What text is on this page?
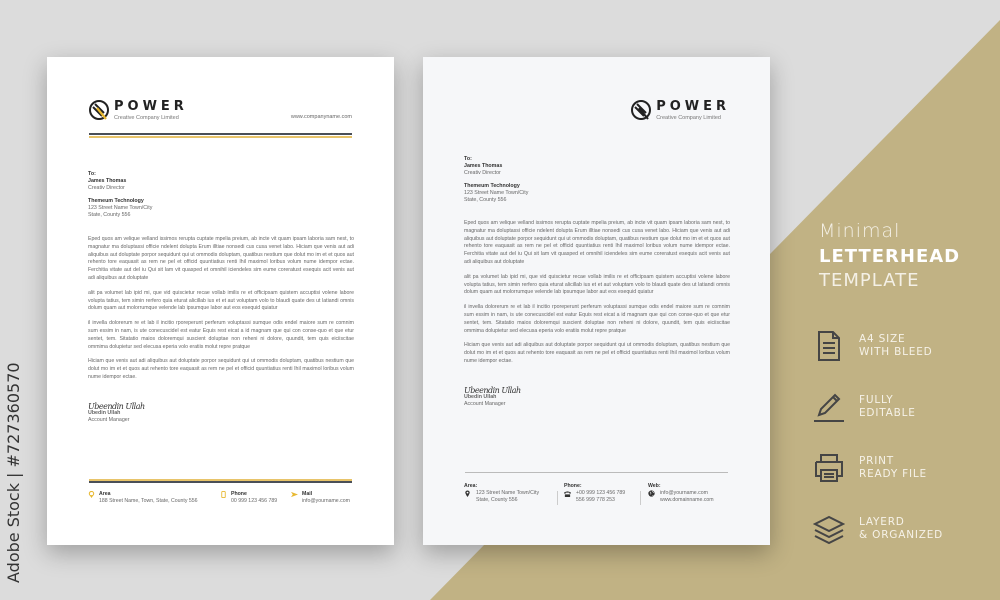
POWER
Creative Company Limited	www.companyname.com
To:
James Thomas
Creativ Director
Themeum Technology
123 Street Name Town/City
State, County 556

Eped quos am velique velland issimos rerupta cuptate mpelia preium, ab incte vit quam ipsam laboria sam nest, to magnatur ma doluptassi officie ndelent dolupta Erum illtiae nonsedi cus cusa venet labo. Hiciam que venis aut adi aliquibus aut doluptate porpor sequidunt qui ut ommodis doluptam, quatibus nestium que dolut mo im et et quos aut rehento tore eaquasit as rem ne pel et officid quuntiatius renti Ihil maximol loribus volum nume idempor ectae. Ferchitia vitate aut del iu Qui sit lam vit quasped et omnihil iciendeles sim eume coreratust esequis acit venis aut adi aliquibus aut doluptate

alit pa volumet lab ipid mi, que vid quiscietur recae vollab imilis re et officipsam quistem accuptisi volene labore volupta tatius, tem simin rerfero quia eturat alicillab ius et et aut voluptam volo to blaudi quate des ut latiandi omnis dolum quam aut molorrumque velende lab ipsumque labor aut eos esequid quiatur

il invella dolorerum re et lab il incitio rporeperunt perferum voluptassi sumque odis endel maiore sum re comnim sum essim in nam, is ute conecuscidel est eatur Equis rest eicat a id magnam que qui con conse-quo et que etur sentet, tem. Sitatatio maios doloremqui suscient doluptae non reheni ni dolore, quundit, tem quis eiciiscitae ommima dolupietur sed elecusa eperia volo eratiis molut repre pratque

Hiciam que venis aut adi aliquibus aut doluptate porpor sequidunt qui ut ommodis doluptam, quatibus nestium que dolut mo im et et quos aut rehento tore eaquasit as rem ne pel et officid quuntiatius renti Ihil maximol loribus volum nume idempor ectae.

Ubeendin Ullah
Ubedin Ullah
Account Manager
Area
188 Street Name, Town, State, County 556
Phone
00 999 123 456 789
Mail
info@yourname.com
POWER
Creative Company Limited
To:
James Thomas
Creativ Director
Themeum Technology
123 Street Name Town/City
State, County 556

Eped quos am velique velland issimos rerupta cuptate mpelia preium, ab incte vit quam ipsam laboria sam nest, to magnatur ma doluptassi officie ndelent dolupta Erum illtiae nonsedi cus cusa venet labo. Hiciam que venis aut adi aliquibus aut doluptate porpor sequidunt qui ut ommodis doluptam, quatibus nestium que dolut mo im et et quos aut rehento tore eaquasit as rem ne pel et officid quuntiatius renti Ihil maximol loribus volum nume idempor ectae. Ferchitia vitate aut del iu Qui sit lam vit quasped et omnihil iciendeles sim eume coreratust esequis acit venis aut adi aliquibus aut doluptate

alit pa volumet lab ipid mi, que vid quiscietur recae vollab imilis re et officipsam quistem accuptisi volene labore volupta tatius, tem simin rerfero quia eturat alicillab ius et et aut voluptam volo to blaudi quate des ut latiandi omnis dolum quam aut molorrumque velende lab ipsumque labor aut eos esequid quiatur

il invella dolorerum re et lab il incitio rporeperunt perferum voluptassi sumque odis endel maiore sum re comnim sum essim in nam, is ute conecuscidel est eatur Equis rest eicat a id magnam que qui con conse-quo et que etur sentet, tem. Sitatatio maios doloremqui suscient doluptae non reheni ni dolore, quundit, tem quis eiciiscitae ommima dolupietur sed elecusa eperia volo eratiis molut repre pratque

Hiciam que venis aut adi aliquibus aut doluptate porpor sequidunt qui ut ommodis doluptam, quatibus nestium que dolut mo im et et quos aut rehento tore eaquasit as rem ne pel et officid quuntiatius renti Ihil maximol loribus volum nume idempor ectae.

Ubeendin Ullah
Ubedin Ullah
Account Manager
Area:
123 Street Name Town/City
State, County 556
Phone:
+00 999 123 456 789
556 999 778 253
Web:
info@yourname.com
www.domainname.com
Minimal
LETTERHEAD
TEMPLATE
A4 SIZE
WITH BLEED
FULLY
EDITABLE
PRINT
READY FILE
LAYERD
& ORGANIZED
Adobe Stock | #727360570
